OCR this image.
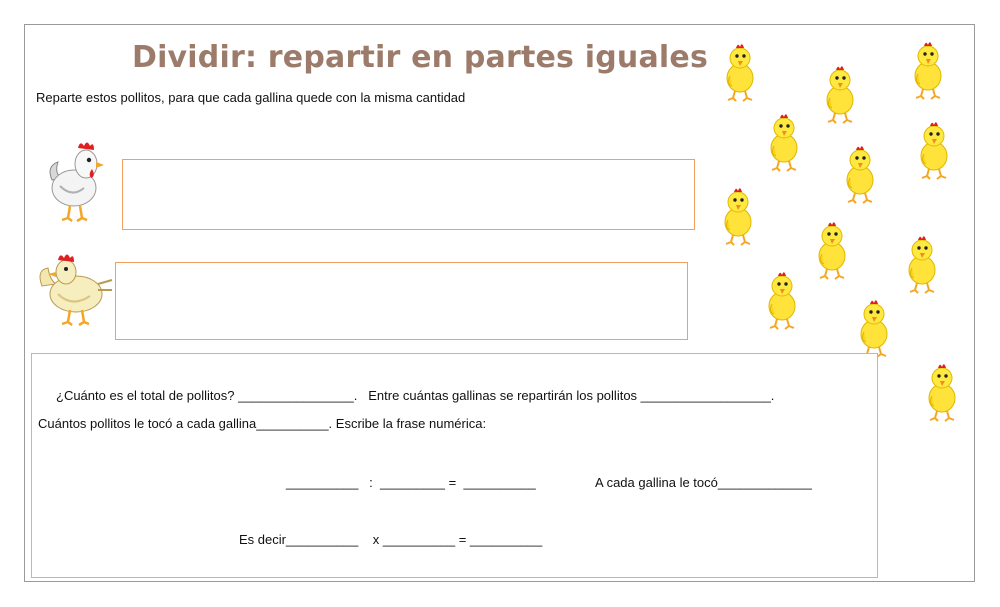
Dividir: repartir en partes iguales
Reparte estos pollitos, para que cada gallina quede con la misma cantidad
¿Cuánto es el total de pollitos? ________________.   Entre cuántas gallinas se repartirán los pollitos __________________.
Cuántos pollitos le tocó a cada gallina__________. Escribe la frase numérica:
__________   :  _________ =  __________	A cada gallina le tocó_____________
Es decir__________    x __________ = __________
